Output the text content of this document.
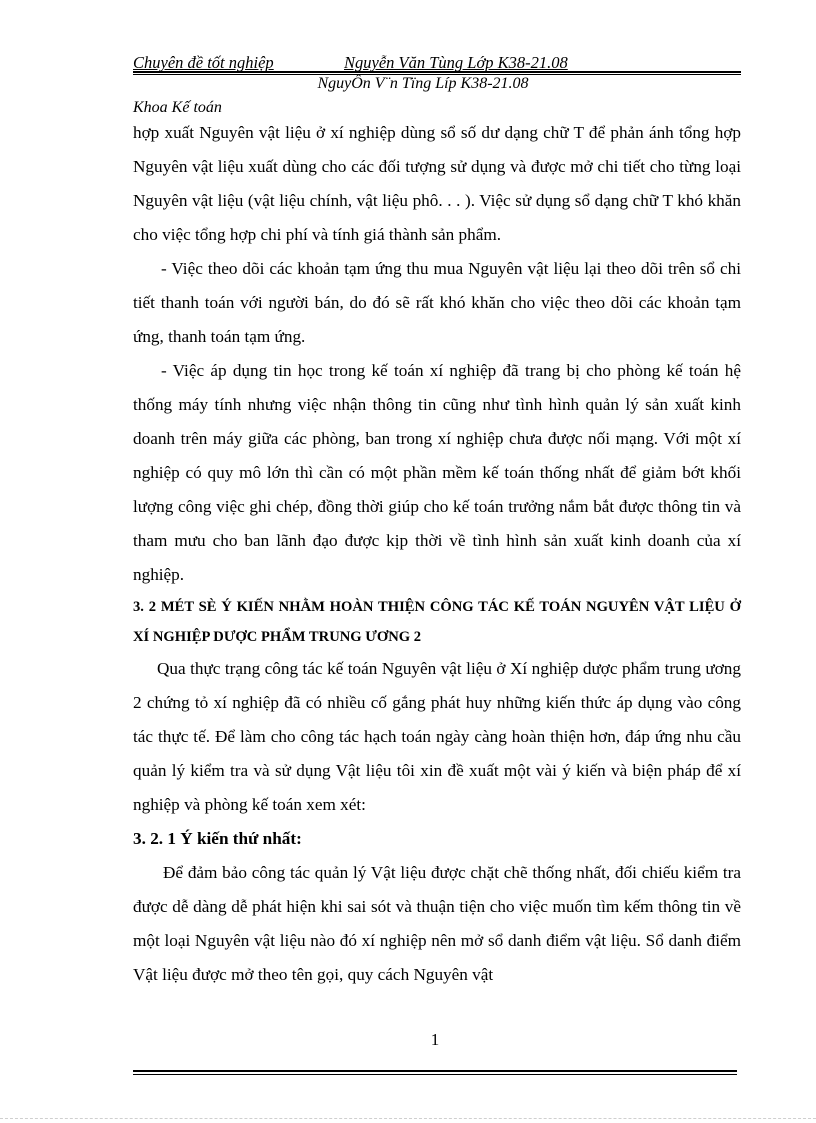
Chuyên đề tốt nghiệp	Nguyễn Văn Tùng Lớp K38-21.08
NguyÔn V¨n Tïng Líp K38-21.08
Khoa Kế toán

hợp xuất Nguyên vật liệu ở xí nghiệp dùng sổ số dư dạng chữ T để phản ánh tổng hợp Nguyên vật liệu xuất dùng cho các đối tượng sử dụng và được mở chi tiết cho từng loại Nguyên vật liệu (vật liệu chính, vật liệu phô. . . ). Việc sử dụng sổ dạng chữ T khó khăn cho việc tổng hợp chi phí và tính giá thành sản phẩm.

- Việc theo dõi các khoản tạm ứng thu mua Nguyên vật liệu lại theo dõi trên sổ chi tiết thanh toán với người bán, do đó sẽ rất khó khăn cho việc theo dõi các khoản tạm ứng, thanh toán tạm ứng.

- Việc áp dụng tin học trong kế toán xí nghiệp đã trang bị cho phòng kế toán hệ thống máy tính nhưng việc nhận thông tin cũng như tình hình quản lý sản xuất kinh doanh trên máy giữa các phòng, ban trong xí nghiệp chưa được nối mạng. Với một xí nghiệp có quy mô lớn thì cần có một phần mềm kế toán thống nhất để giảm bớt khối lượng công việc ghi chép, đồng thời giúp cho kế toán trưởng nắm bắt được thông tin và tham mưu cho ban lãnh đạo được kịp thời về tình hình sản xuất kinh doanh của xí nghiệp.

3. 2 MÉT SÈ Ý KIẾN NHẰM HOÀN THIỆN CÔNG TÁC KẾ TOÁN NGUYÊN VẬT LIỆU Ở XÍ NGHIỆP DƯỢC PHẨM TRUNG ƯƠNG 2

Qua thực trạng công tác kế toán Nguyên vật liệu ở Xí nghiệp dược phẩm trung ương 2 chứng tỏ xí nghiệp đã có nhiều cố gắng phát huy những kiến thức áp dụng vào công tác thực tế. Để làm cho công tác hạch toán ngày càng hoàn thiện hơn, đáp ứng nhu cầu quản lý kiểm tra và sử dụng Vật liệu tôi xin đề xuất một vài ý kiến và biện pháp để xí nghiệp và phòng kế toán xem xét:

3. 2. 1 Ý kiến thứ nhất:

Để đảm bảo công tác quản lý Vật liệu được chặt chẽ thống nhất, đối chiếu kiểm tra được dễ dàng dễ phát hiện khi sai sót và thuận tiện cho việc muốn tìm kếm thông tin về một loại Nguyên vật liệu nào đó xí nghiệp nên mở sổ danh điểm vật liệu. Sổ danh điểm Vật liệu được mở theo tên gọi, quy cách Nguyên vật

1
